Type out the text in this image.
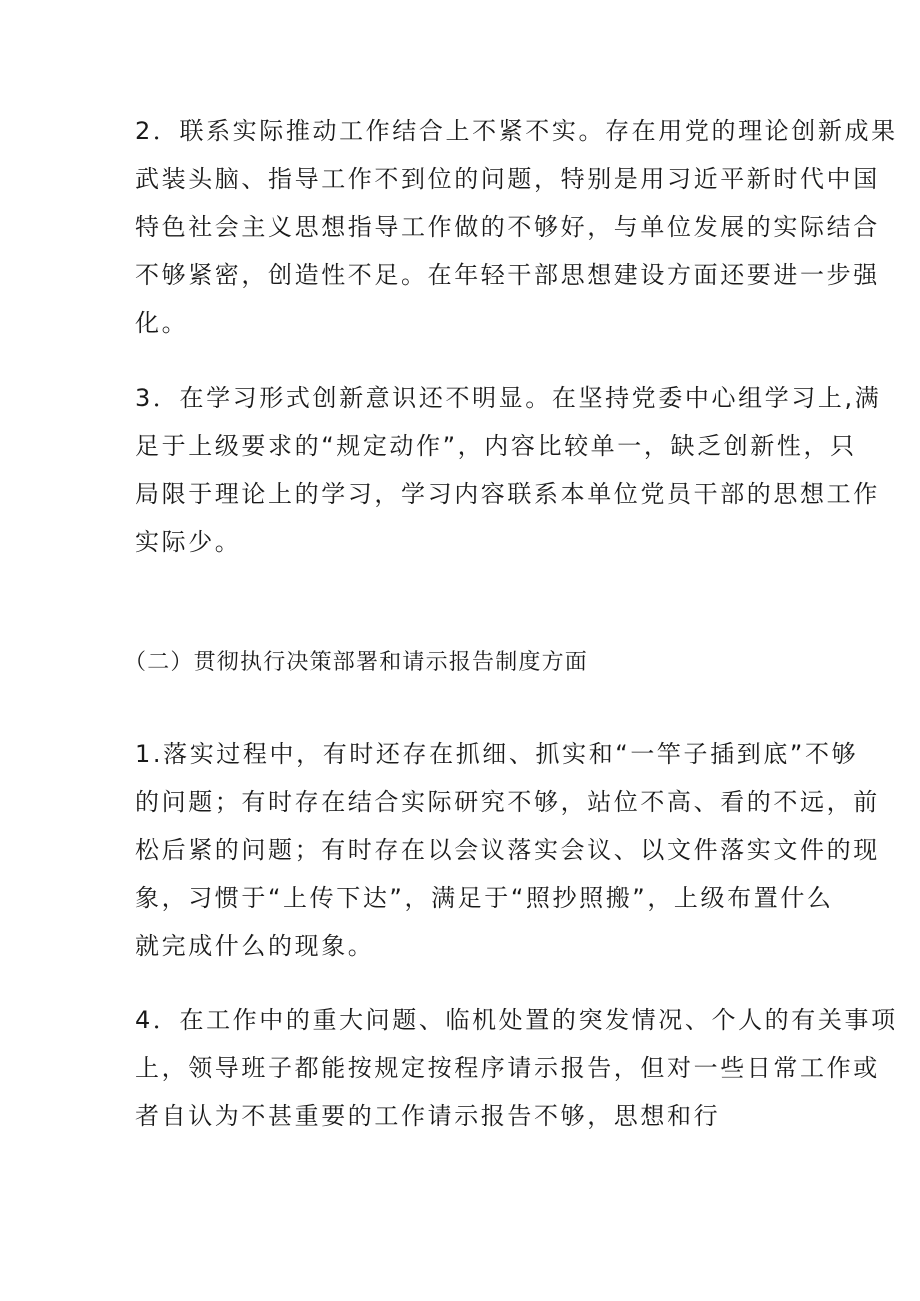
2．联系实际推动工作结合上不紧不实。存在用党的理论创新成果
武装头脑、指导工作不到位的问题，特别是用习近平新时代中国
特色社会主义思想指导工作做的不够好，与单位发展的实际结合
不够紧密，创造性不足。在年轻干部思想建设方面还要进一步强
化。
3．在学习形式创新意识还不明显。在坚持党委中心组学习上,满
足于上级要求的“规定动作”，内容比较单一，缺乏创新性，只
局限于理论上的学习，学习内容联系本单位党员干部的思想工作
实际少。
（二）贯彻执行决策部署和请示报告制度方面
1.落实过程中，有时还存在抓细、抓实和“一竿子插到底”不够
的问题；有时存在结合实际研究不够，站位不高、看的不远，前
松后紧的问题；有时存在以会议落实会议、以文件落实文件的现
象，习惯于“上传下达”，满足于“照抄照搬”，上级布置什么
就完成什么的现象。
4．在工作中的重大问题、临机处置的突发情况、个人的有关事项
上，领导班子都能按规定按程序请示报告，但对一些日常工作或
者自认为不甚重要的工作请示报告不够，思想和行
